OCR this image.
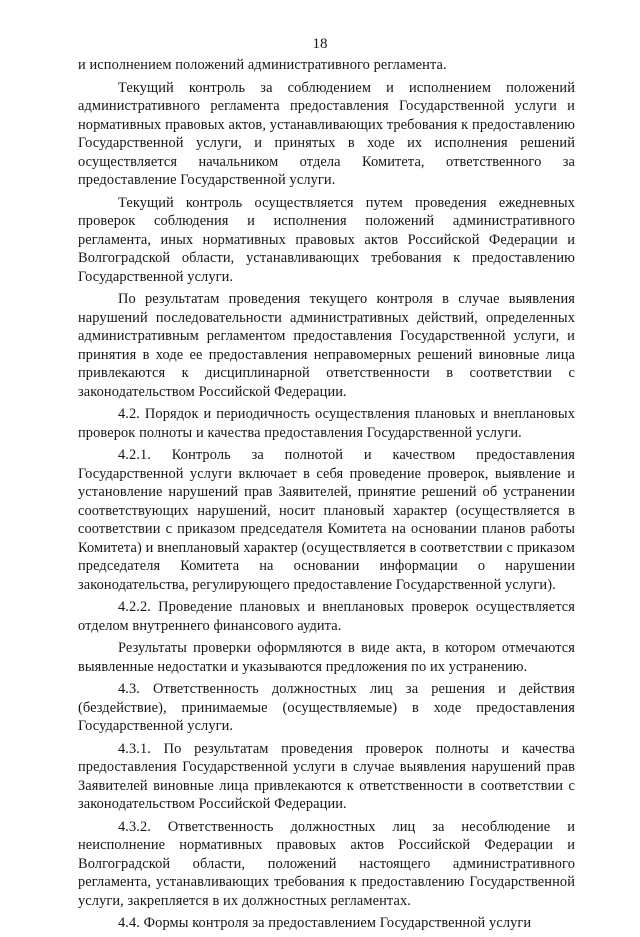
18

и исполнением положений административного регламента.

Текущий контроль за соблюдением и исполнением положений административного регламента предоставления Государственной услуги и нормативных правовых актов, устанавливающих требования к предоставлению Государственной услуги, и принятых в ходе их исполнения решений осуществляется начальником отдела Комитета, ответственного за предоставление Государственной услуги.

Текущий контроль осуществляется путем проведения ежедневных проверок соблюдения и исполнения положений административного регламента, иных нормативных правовых актов Российской Федерации и Волгоградской области, устанавливающих требования к предоставлению Государственной услуги.

По результатам проведения текущего контроля в случае выявления нарушений последовательности административных действий, определенных административным регламентом предоставления Государственной услуги, и принятия в ходе ее предоставления неправомерных решений виновные лица привлекаются к дисциплинарной ответственности в соответствии с законодательством Российской Федерации.

4.2. Порядок и периодичность осуществления плановых и внеплановых проверок полноты и качества предоставления Государственной услуги.

4.2.1. Контроль за полнотой и качеством предоставления Государственной услуги включает в себя проведение проверок, выявление и установление нарушений прав Заявителей, принятие решений об устранении соответствующих нарушений, носит плановый характер (осуществляется в соответствии с приказом председателя Комитета на основании планов работы Комитета) и внеплановый характер (осуществляется в соответствии с приказом председателя Комитета на основании информации о нарушении законодательства, регулирующего предоставление Государственной услуги).

4.2.2. Проведение плановых и внеплановых проверок осуществляется отделом внутреннего финансового аудита.

Результаты проверки оформляются в виде акта, в котором отмечаются выявленные недостатки и указываются предложения по их устранению.

4.3. Ответственность должностных лиц за решения и действия (бездействие), принимаемые (осуществляемые) в ходе предоставления Государственной услуги.

4.3.1. По результатам проведения проверок полноты и качества предоставления Государственной услуги в случае выявления нарушений прав Заявителей виновные лица привлекаются к ответственности в соответствии с законодательством Российской Федерации.

4.3.2. Ответственность должностных лиц за несоблюдение и неисполнение нормативных правовых актов Российской Федерации и Волгоградской области, положений настоящего административного регламента, устанавливающих требования к предоставлению Государственной услуги, закрепляется в их должностных регламентах.

4.4. Формы контроля за предоставлением Государственной услуги
